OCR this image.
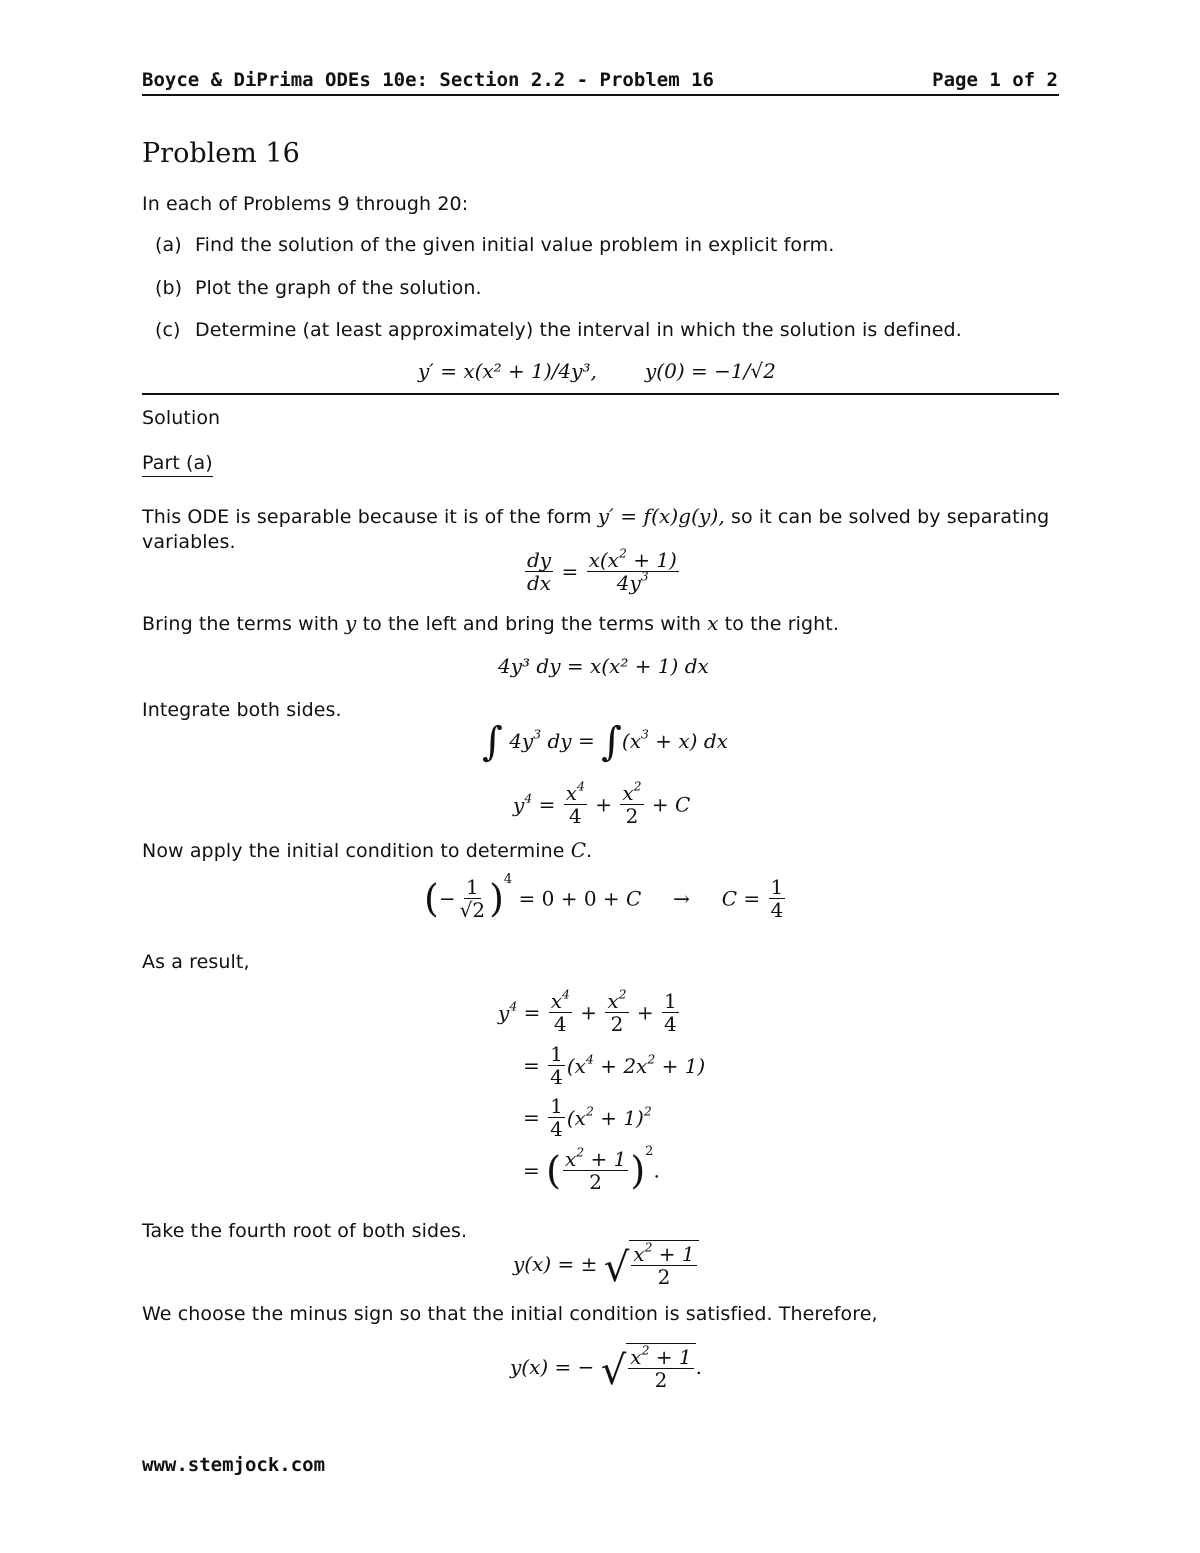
Boyce & DiPrima ODEs 10e: Section 2.2 - Problem 16	Page 1 of 2
Problem 16
In each of Problems 9 through 20:
(a) Find the solution of the given initial value problem in explicit form.
(b) Plot the graph of the solution.
(c) Determine (at least approximately) the interval in which the solution is defined.
y′ = x(x² + 1)/4y³, y(0) = −1/√2
Solution
Part (a)
This ODE is separable because it is of the form y′ = f(x)g(y), so it can be solved by separating
variables.
$\frac{dy}{dx} = \frac{x(x^2 + 1)}{4y^3}$
Bring the terms with y to the left and bring the terms with x to the right.
4y³ dy = x(x² + 1) dx
Integrate both sides.
∫ $4y^3$ dy = $\int(x^3 + x)$ dx
$y^4 = \frac{x^4}{4} + \frac{x^2}{2} + C$
Now apply the initial condition to determine C.
(− $\frac{1}{√2} )^4 = 0 + 0 + C$     →     $C = \frac{1}{4}$
As a result,
$y^4 = \frac{x^4}{4} + \frac{x^2}{2} + \frac{1}{4}$
= $\frac{1}{4} (x^4 + 2x^2 + 1)$
= $\frac{1}{4} (x^2 + 1)^2$
= ( $\frac{x^2 + 1}{2} )^2$.
Take the fourth root of both sides.
y(x) = ± √ $\frac{x^2 + 1}{2}$
We choose the minus sign so that the initial condition is satisfied. Therefore,
y(x) = − √ $\frac{x^2 + 1}{2}$ .
www.stemjock.com
